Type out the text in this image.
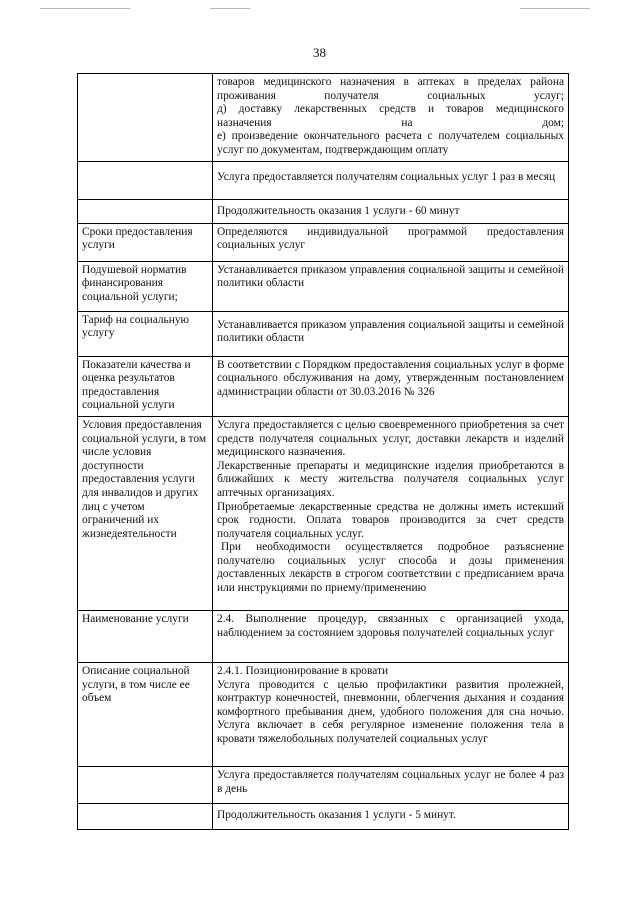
38

	товаров медицинского назначения в аптеках в пределах района проживания получателя социальных услуг;

д) доставку лекарственных средств и товаров медицинского назначения на дом;

е) произведение окончательного расчета с получателем социальных услуг по документам, подтверждающим оплату

	Услуга предоставляется получателям социальных услуг 1 раз в месяц

	Продолжительность оказания 1 услуги - 60 минут

Сроки предоставления услуги	Определяются индивидуальной программой предоставления социальных услуг

Подушевой норматив финансирования социальной услуги;	Устанавливается приказом управления социальной защиты и семейной политики области

Тариф на социальную услугу	Устанавливается приказом управления социальной защиты и семейной политики области

Показатели качества и оценка результатов предоставления социальной услуги	В соответствии с Порядком предоставления социальных услуг в форме социального обслуживания на дому, утвержденным постановлением администрации области от 30.03.2016 № 326

Условия предоставления социальной услуги, в том числе условия доступности предоставления услуги для инвалидов и других лиц с учетом ограничений их жизнедеятельности	Услуга предоставляется с целью своевременного приобретения за счет средств получателя социальных услуг, доставки лекарств и изделий медицинского назначения.

Лекарственные препараты и медицинские изделия приобретаются в ближайших к месту жительства получателя социальных услуг аптечных организациях.

Приобретаемые лекарственные средства не должны иметь истекший срок годности. Оплата товаров производится за счет средств получателя социальных услуг.

При необходимости осуществляется подробное разъяснение получателю социальных услуг способа и дозы применения доставленных лекарств в строгом соответствии с предписанием врача или инструкциями по приему/применению

Наименование услуги	2.4. Выполнение процедур, связанных с организацией ухода, наблюдением за состоянием здоровья получателей социальных услуг

Описание социальной услуги, в том числе ее объем	2.4.1. Позиционирование в кровати

Услуга проводится с целью профилактики развития пролежней, контрактур конечностей, пневмонии, облегчения дыхания и создания комфортного пребывания днем, удобного положения для сна ночью. Услуга включает в себя регулярное изменение положения тела в кровати тяжелобольных получателей социальных услуг

	Услуга предоставляется получателям социальных услуг не более 4 раз в день

	Продолжительность оказания 1 услуги - 5 минут.
